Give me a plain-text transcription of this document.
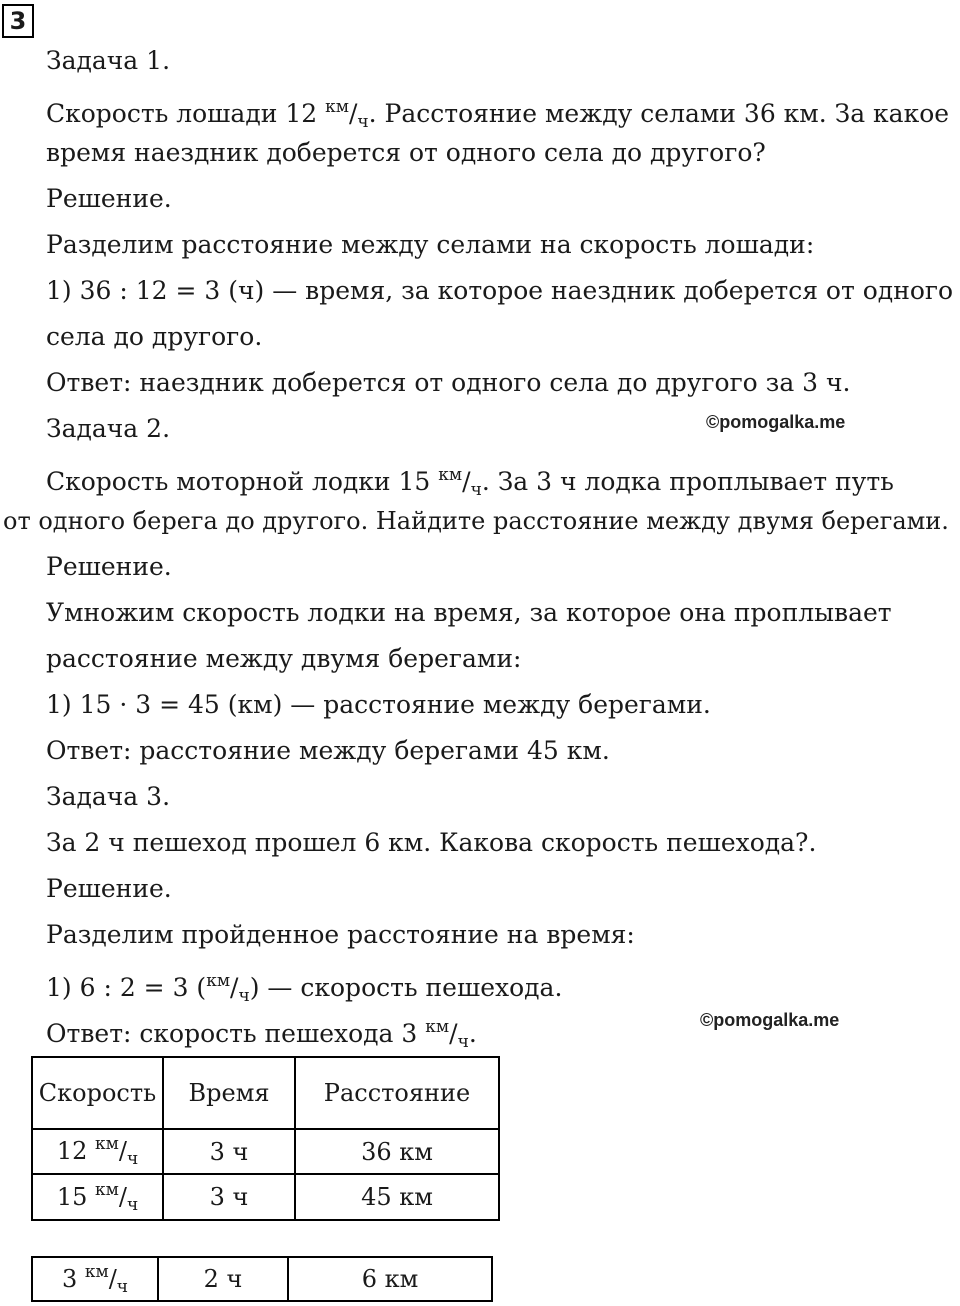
3
Задача 1.
Скорость лошади 12 $^{км}/_ч$. Расстояние между селами 36 км. За какое
время наездник доберется от одного села до другого?
Решение.
Разделим расстояние между селами на скорость лошади:
1) 36 : 12 = 3 (ч) — время, за которое наездник доберется от одного
села до другого.
Ответ: наездник доберется от одного села до другого за 3 ч.
Задача 2.	©pomogalka.me
Скорость моторной лодки 15 $^{км}/_ч$. За 3 ч лодка проплывает путь
от одного берега до другого. Найдите расстояние между двумя берегами.
Решение.
Умножим скорость лодки на время, за которое она проплывает
расстояние между двумя берегами:
1) 15 · 3 = 45 (км) — расстояние между берегами.
Ответ: расстояние между берегами 45 км.
Задача 3.
За 2 ч пешеход прошел 6 км. Какова скорость пешехода?.
Решение.
Разделим пройденное расстояние на время:
1) 6 : 2 = 3 $(^{км}/_ч)$ — скорость пешехода.
Ответ: скорость пешехода 3 $^{км}/_ч$.	©pomogalka.me
Скорость	Время	Расстояние
12 $^{км}/_ч$	3 ч	36 км
15 $^{км}/_ч$	3 ч	45 км
3 $^{км}/_ч$	2 ч	6 км
